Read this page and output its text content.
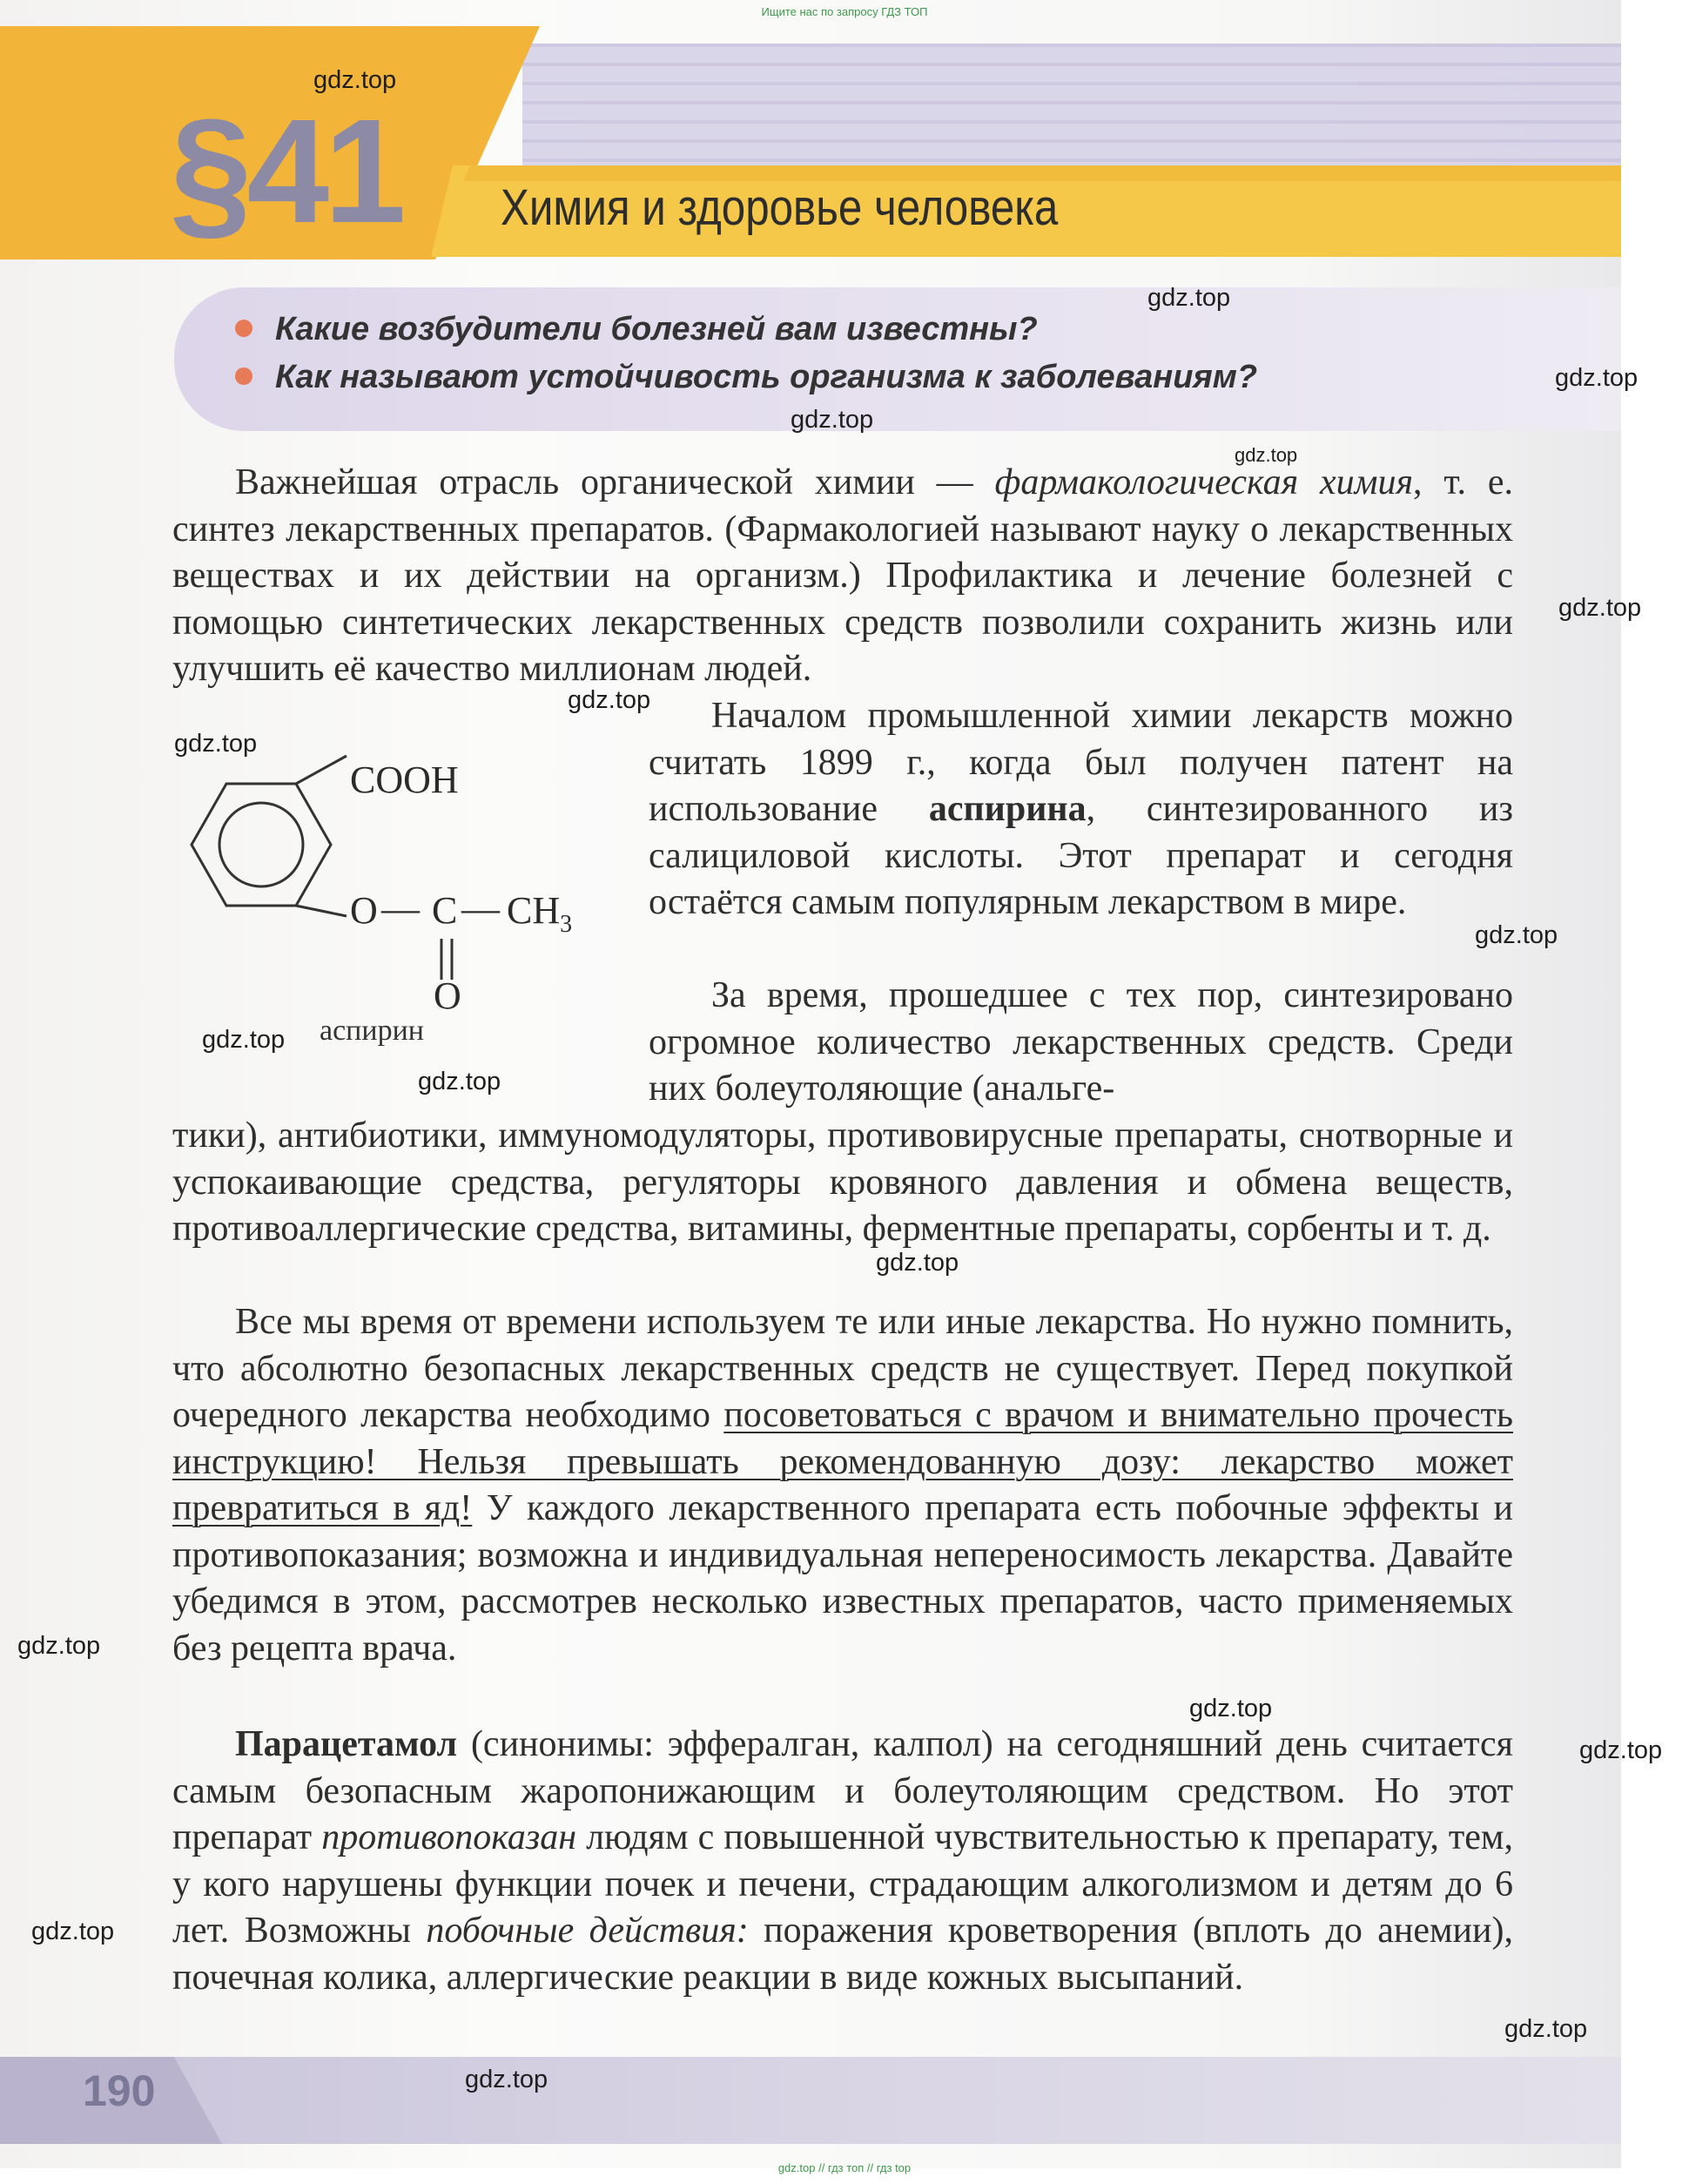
Ищите нас по запросу ГДЗ ТОП
§41 Химия и здоровье человека
Какие возбудители болезней вам известны?
Как называют устойчивость организма к заболеваниям?
Важнейшая отрасль органической химии — фармакологическая химия, т. е. синтез лекарственных препаратов. (Фармакологией называют науку о лекарственных веществах и их действии на организм.) Профилактика и лечение болезней с помощью синтетических лекарственных средств позволили сохранить жизнь или улучшить её качество миллионам людей.
COOH
O — C — $CH_3$
O
аспирин
Началом промышленной химии лекарств можно считать 1899 г., когда был получен патент на использование аспирина, синтезированного из салициловой кислоты. Этот препарат и сегодня остаётся самым популярным лекарством в мире.
За время, прошедшее с тех пор, синтезировано огромное количество лекарственных средств. Среди них болеутоляющие (анальге-
тики), антибиотики, иммуномодуляторы, противовирусные препараты, снотворные и успокаивающие средства, регуляторы кровяного давления и обмена веществ, противоаллергические средства, витамины, ферментные препараты, сорбенты и т. д.
Все мы время от времени используем те или иные лекарства. Но нужно помнить, что абсолютно безопасных лекарственных средств не существует. Перед покупкой очередного лекарства необходимо посоветоваться с врачом и внимательно прочесть инструкцию! Нельзя превышать рекомендованную дозу: лекарство может превратиться в яд! У каждого лекарственного препарата есть побочные эффекты и противопоказания; возможна и индивидуальная непереносимость лекарства. Давайте убедимся в этом, рассмотрев несколько известных препаратов, часто применяемых без рецепта врача.
Парацетамол (синонимы: эффералган, калпол) на сегодняшний день считается самым безопасным жаропонижающим и болеутоляющим средством. Но этот препарат противопоказан людям с повышенной чувствительностью к препарату, тем, у кого нарушены функции почек и печени, страдающим алкоголизмом и детям до 6 лет. Возможны побочные действия: поражения кроветворения (вплоть до анемии), почечная колика, аллергические реакции в виде кожных высыпаний.
190
gdz.top
gdz.top
gdz.top
gdz.top
gdz.top
gdz.top
gdz.top
gdz.top
gdz.top
gdz.top
gdz.top
gdz.top
gdz.top
gdz.top
gdz.top
gdz.top
gdz.top
gdz.top
gdz.top // гдз топ // гдз top
